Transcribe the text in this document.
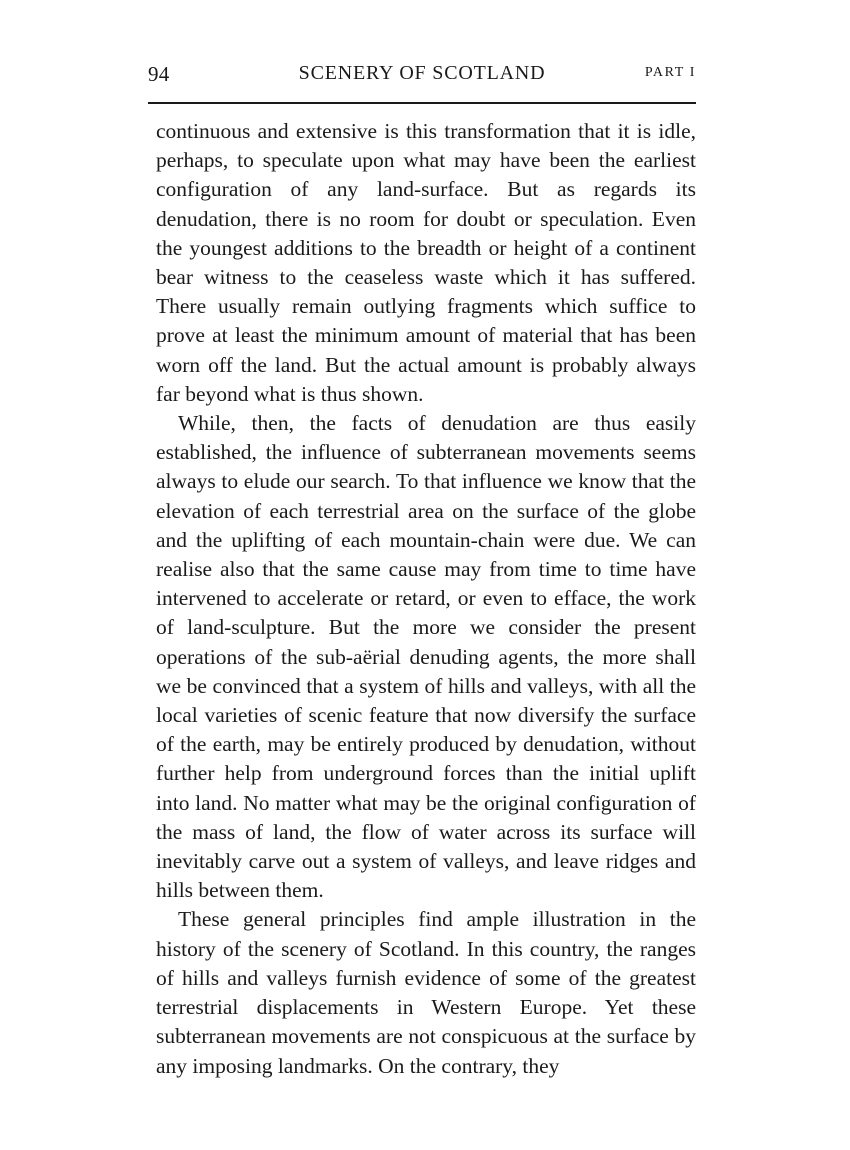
94	SCENERY OF SCOTLAND	PART I

continuous and extensive is this transformation that it is idle, perhaps, to speculate upon what may have been the earliest configuration of any land-surface. But as regards its denudation, there is no room for doubt or speculation. Even the youngest additions to the breadth or height of a continent bear witness to the ceaseless waste which it has suffered. There usually remain outlying fragments which suffice to prove at least the minimum amount of material that has been worn off the land. But the actual amount is probably always far beyond what is thus shown.

While, then, the facts of denudation are thus easily established, the influence of subterranean movements seems always to elude our search. To that influence we know that the elevation of each terrestrial area on the surface of the globe and the uplifting of each mountain-chain were due. We can realise also that the same cause may from time to time have intervened to accelerate or retard, or even to efface, the work of land-sculpture. But the more we consider the present operations of the sub-aërial denuding agents, the more shall we be convinced that a system of hills and valleys, with all the local varieties of scenic feature that now diversify the surface of the earth, may be entirely produced by denudation, without further help from underground forces than the initial uplift into land. No matter what may be the original configuration of the mass of land, the flow of water across its surface will inevitably carve out a system of valleys, and leave ridges and hills between them.

These general principles find ample illustration in the history of the scenery of Scotland. In this country, the ranges of hills and valleys furnish evidence of some of the greatest terrestrial displacements in Western Europe. Yet these subterranean movements are not conspicuous at the surface by any imposing landmarks. On the contrary, they
